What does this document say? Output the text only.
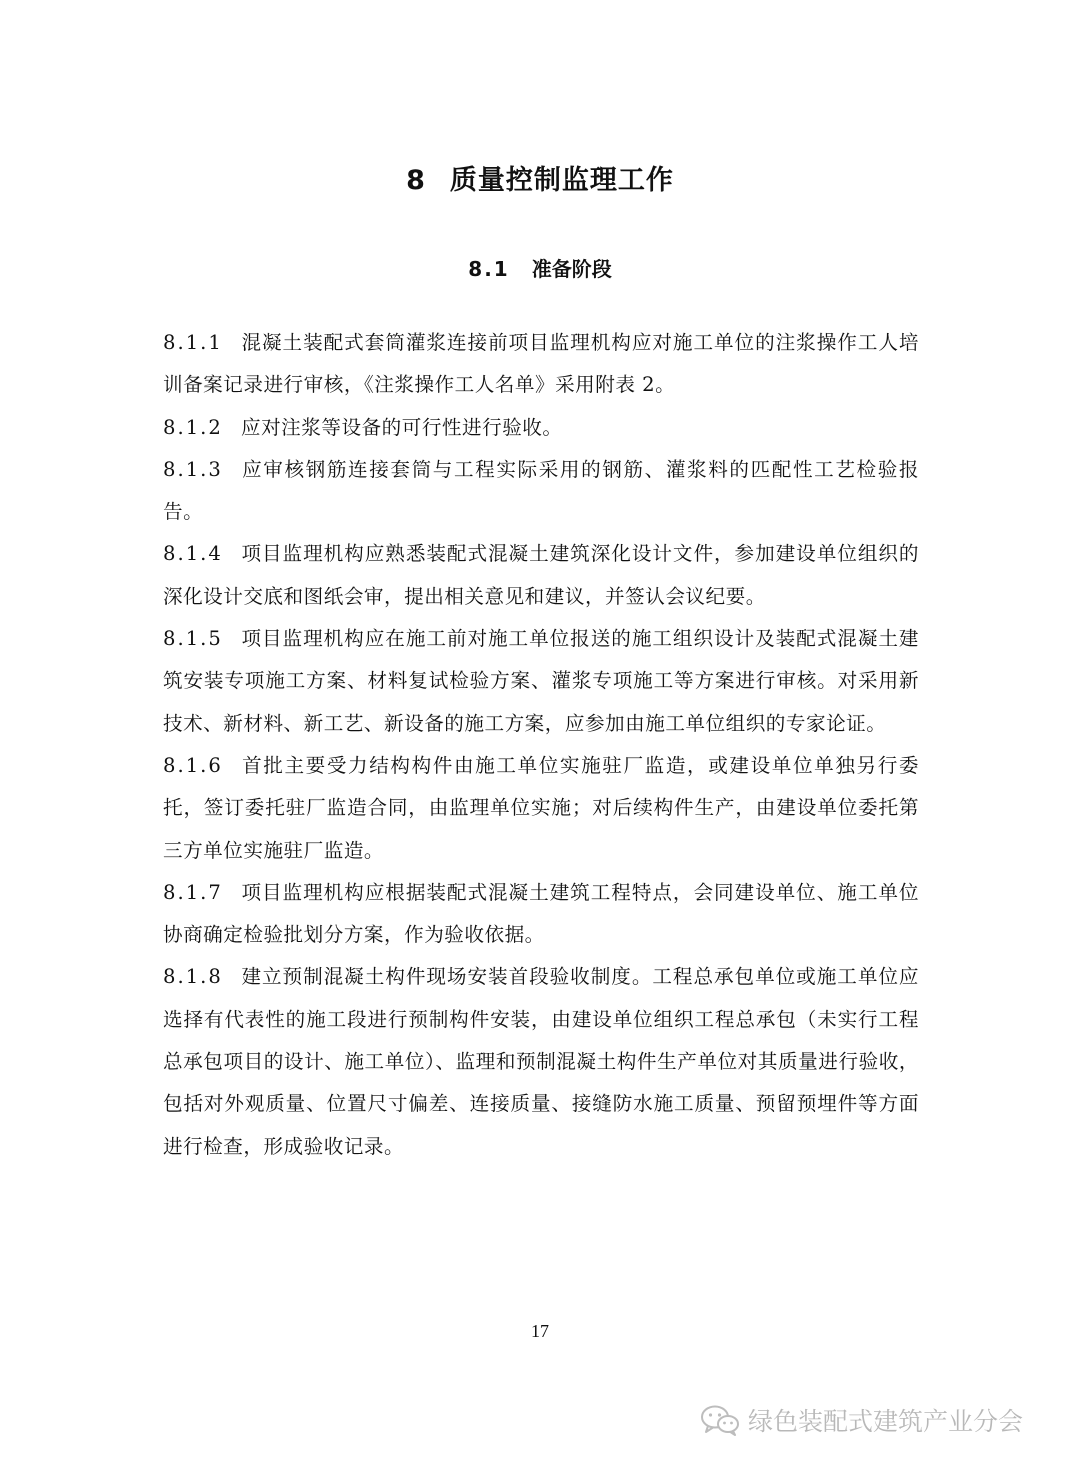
8 质量控制监理工作
8.1 准备阶段
8.1.1 混凝土装配式套筒灌浆连接前项目监理机构应对施工单位的注浆操作工人培训备案记录进行审核，《注浆操作工人名单》采用附表 2。
8.1.2 应对注浆等设备的可行性进行验收。
8.1.3 应审核钢筋连接套筒与工程实际采用的钢筋、灌浆料的匹配性工艺检验报告。
8.1.4 项目监理机构应熟悉装配式混凝土建筑深化设计文件，参加建设单位组织的深化设计交底和图纸会审，提出相关意见和建议，并签认会议纪要。
8.1.5 项目监理机构应在施工前对施工单位报送的施工组织设计及装配式混凝土建筑安装专项施工方案、材料复试检验方案、灌浆专项施工等方案进行审核。对采用新技术、新材料、新工艺、新设备的施工方案，应参加由施工单位组织的专家论证。
8.1.6 首批主要受力结构构件由施工单位实施驻厂监造，或建设单位单独另行委托，签订委托驻厂监造合同，由监理单位实施；对后续构件生产，由建设单位委托第三方单位实施驻厂监造。
8.1.7 项目监理机构应根据装配式混凝土建筑工程特点，会同建设单位、施工单位协商确定检验批划分方案，作为验收依据。
8.1.8 建立预制混凝土构件现场安装首段验收制度。工程总承包单位或施工单位应选择有代表性的施工段进行预制构件安装，由建设单位组织工程总承包（未实行工程总承包项目的设计、施工单位）、监理和预制混凝土构件生产单位对其质量进行验收，包括对外观质量、位置尺寸偏差、连接质量、接缝防水施工质量、预留预埋件等方面进行检查，形成验收记录。
17
绿色装配式建筑产业分会
